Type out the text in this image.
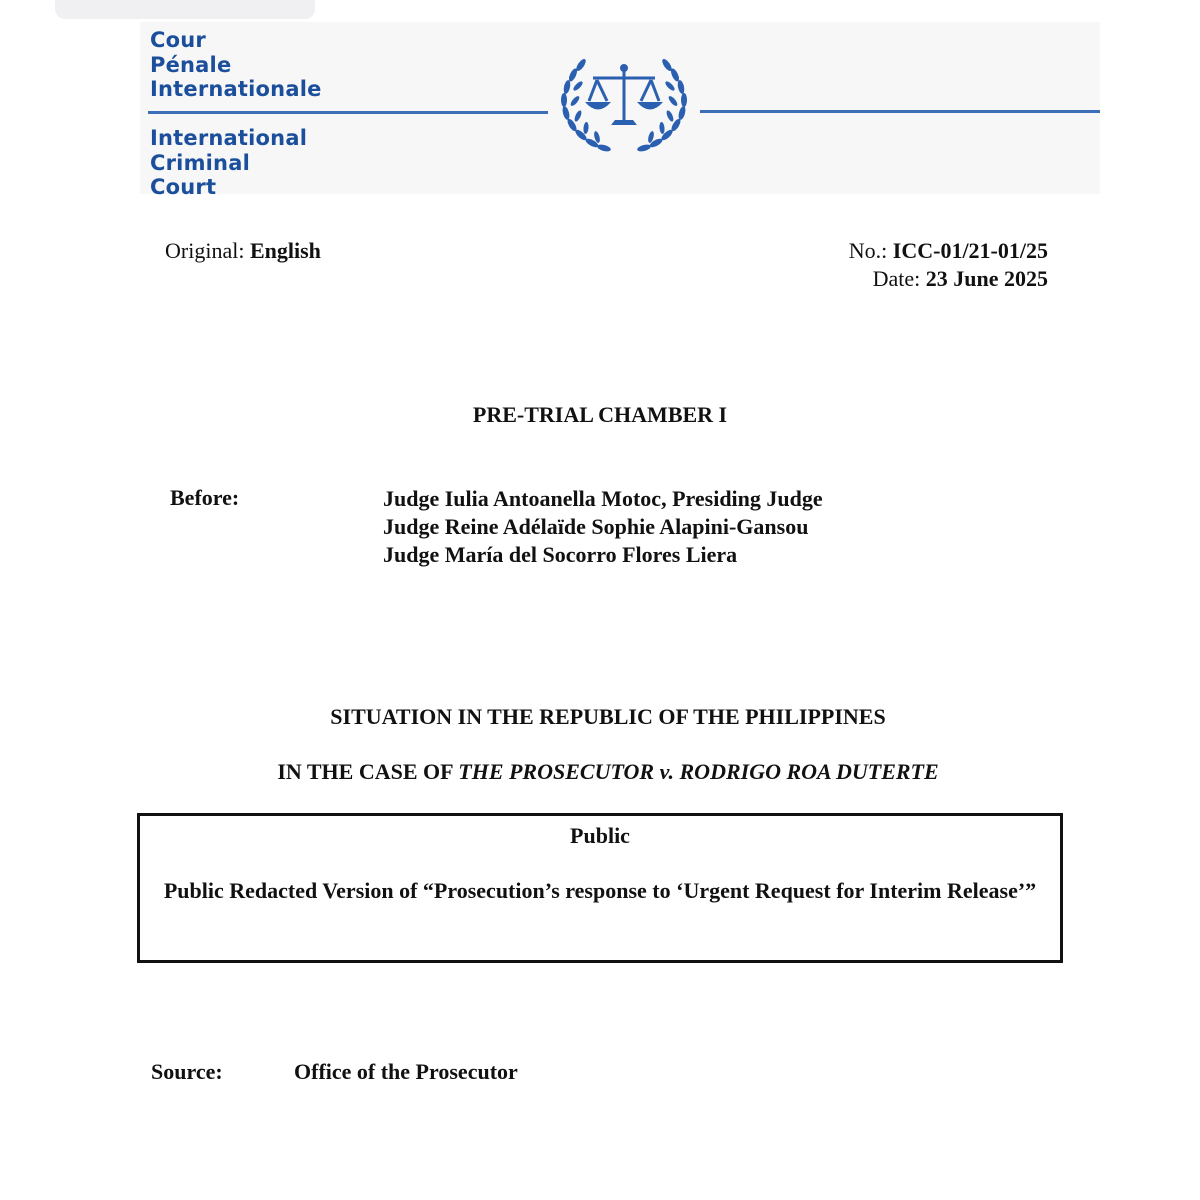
Cour
Pénale
Internationale
International
Criminal
Court
Original: English	No.: ICC-01/21-01/25
Date: 23 June 2025
PRE-TRIAL CHAMBER I
Before:	Judge Iulia Antoanella Motoc, Presiding Judge
Judge Reine Adélaïde Sophie Alapini-Gansou
Judge María del Socorro Flores Liera
SITUATION IN THE REPUBLIC OF THE PHILIPPINES
IN THE CASE OF THE PROSECUTOR v. RODRIGO ROA DUTERTE
Public
Public Redacted Version of “Prosecution’s response to ‘Urgent Request for Interim Release’”
Source:	Office of the Prosecutor
